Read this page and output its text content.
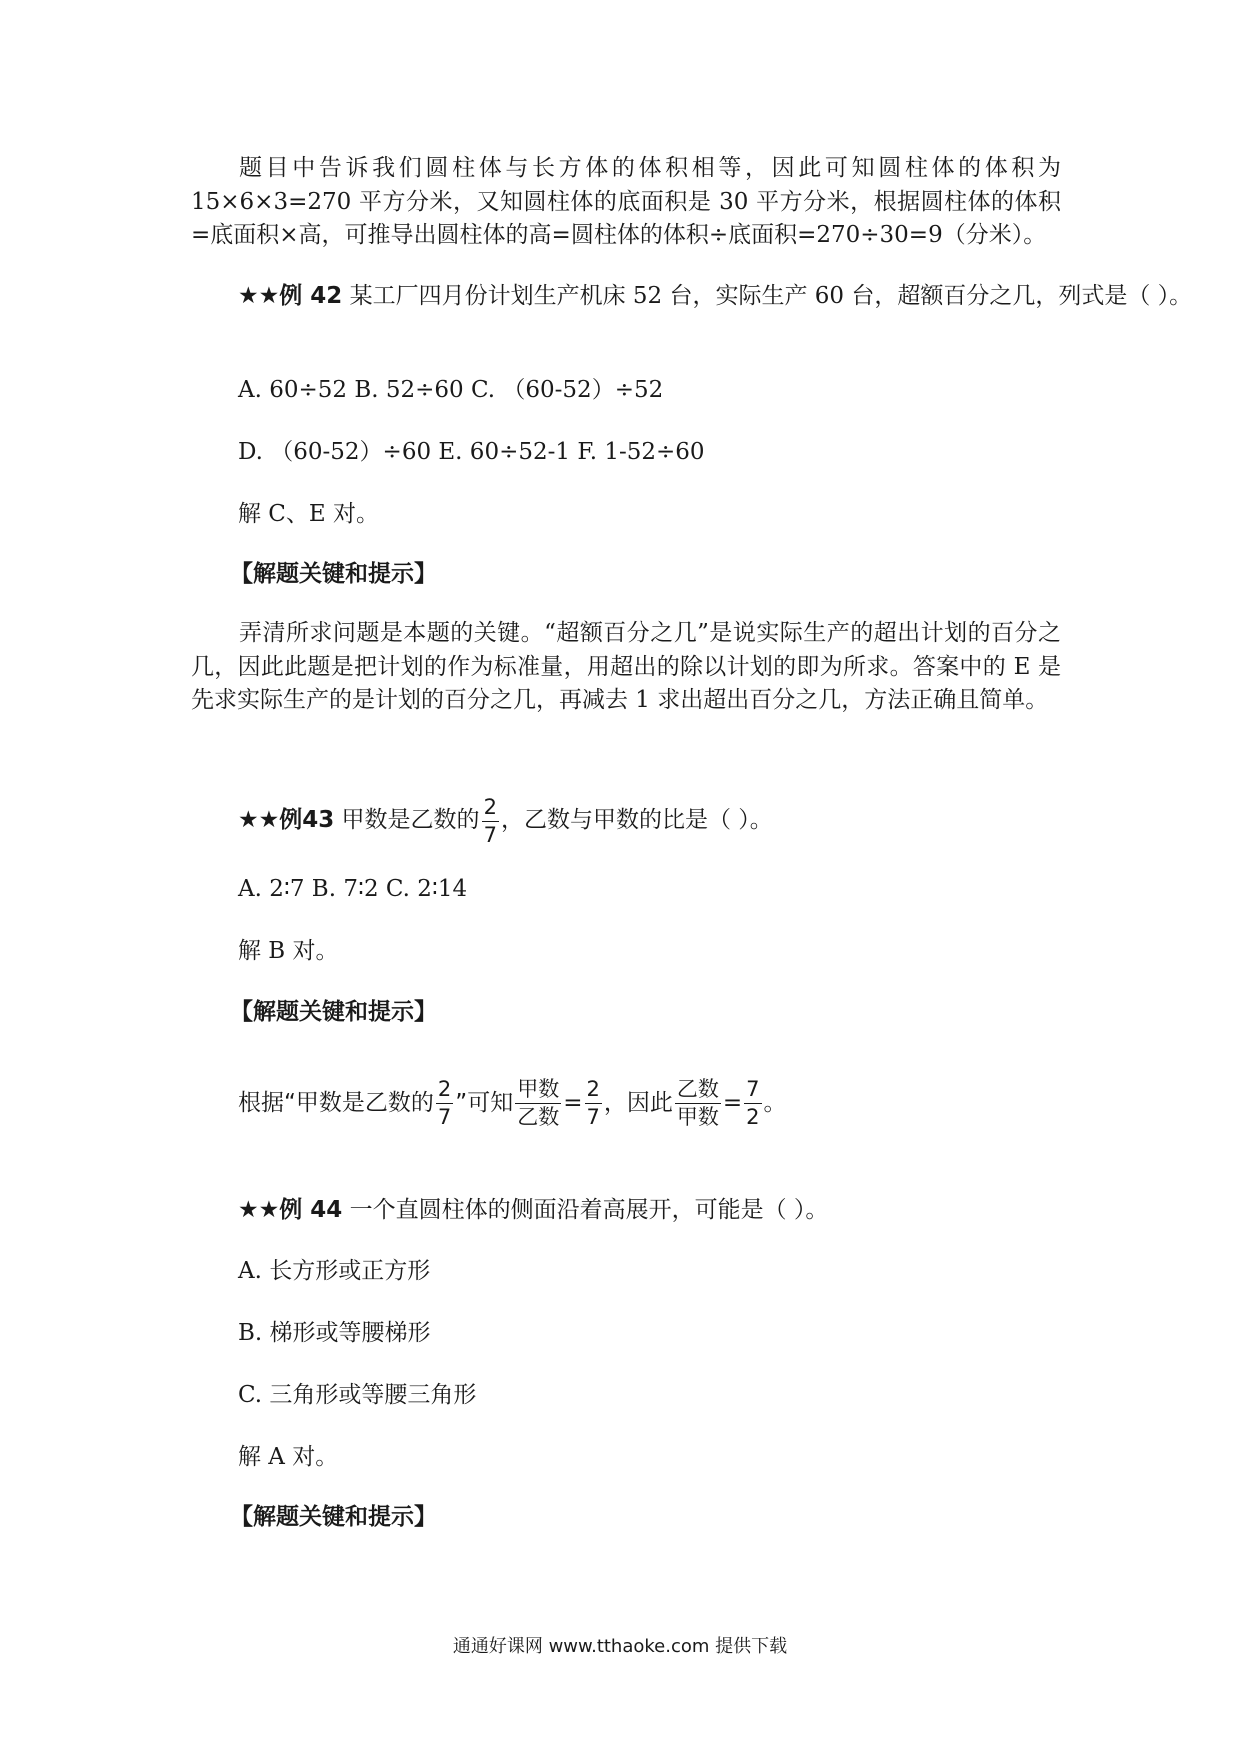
题目中告诉我们圆柱体与长方体的体积相等，因此可知圆柱体的体积为 15×6×3=270 平方分米，又知圆柱体的底面积是 30 平方分米，根据圆柱体的体积=底面积×高，可推导出圆柱体的高=圆柱体的体积÷底面积=270÷30=9（分米）。
★★例 42 某工厂四月份计划生产机床 52 台，实际生产 60 台，超额百分之几，列式是（ ）。
A. 60÷52 B. 52÷60 C. （60-52）÷52
D. （60-52）÷60 E. 60÷52-1 F. 1-52÷60
解 C、E 对。
【解题关键和提示】
弄清所求问题是本题的关键。“超额百分之几”是说实际生产的超出计划的百分之几，因此此题是把计划的作为标准量，用超出的除以计划的即为所求。答案中的 E 是先求实际生产的是计划的百分之几，再减去 1 求出超出百分之几，方法正确且简单。
★★例43 甲数是乙数的 $\frac{2}{7}$ ，乙数与甲数的比是（ ）。
A. 2∶7 B. 7∶2 C. 2∶14
解 B 对。
【解题关键和提示】
根据“甲数是乙数的 $\frac{2}{7}$ ”可知 $\frac{\text{甲数}}{\text{乙数}} = \frac{2}{7}$ ，因此 $\frac{\text{乙数}}{\text{甲数}} = \frac{7}{2}$ 。
★★例 44 一个直圆柱体的侧面沿着高展开，可能是（ ）。
A. 长方形或正方形
B. 梯形或等腰梯形
C. 三角形或等腰三角形
解 A 对。
【解题关键和提示】
通通好课网 www.tthaoke.com 提供下载
